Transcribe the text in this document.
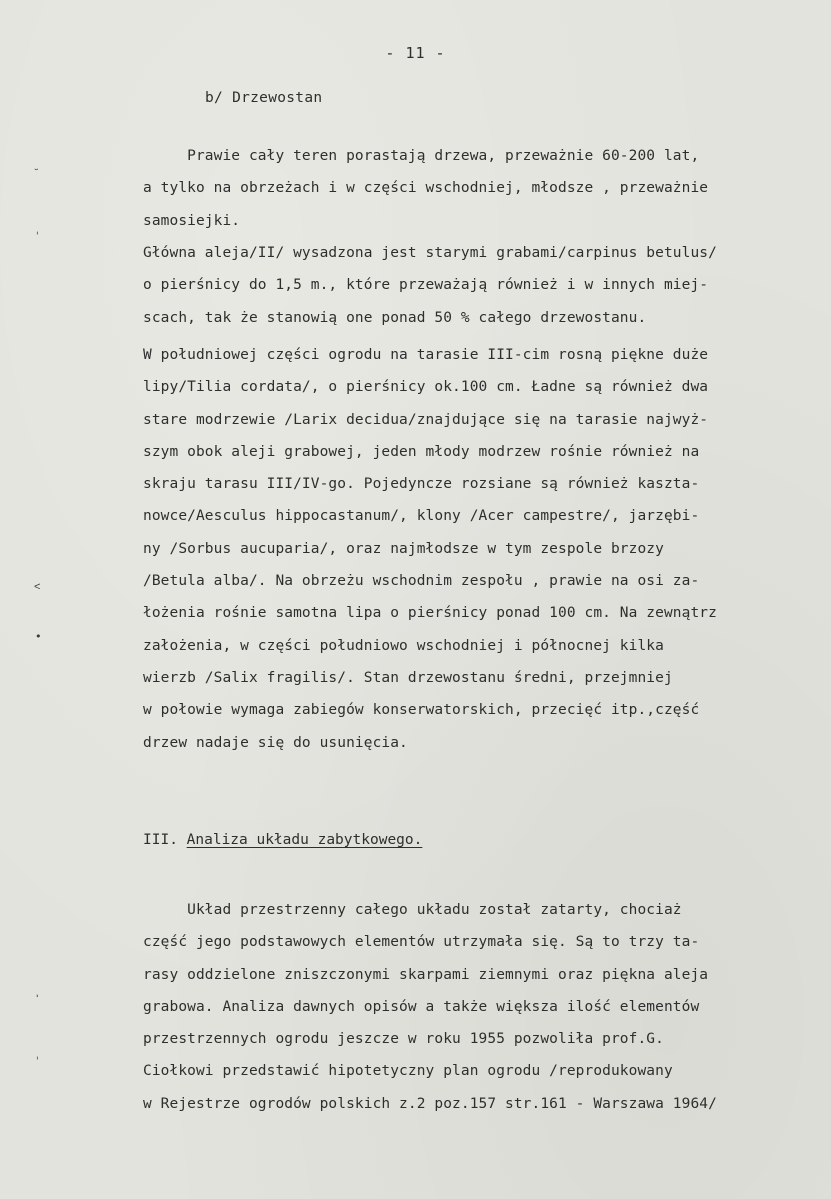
- 11 -
b/ Drzewostan

Prawie cały teren porastają drzewa, przeważnie 60-200 lat,
a tylko na obrzeżach i w części wschodniej, młodsze , przeważnie
samosiejki.

Główna aleja/II/ wysadzona jest starymi grabami/carpinus betulus/
o pierśnicy do 1,5 m., które przeważają również i w innych miej-
scach, tak że stanowią one ponad 50 % całego drzewostanu.

W południowej części ogrodu na tarasie III-cim rosną piękne duże
lipy/Tilia cordata/, o pierśnicy ok.100 cm. Ładne są również dwa
stare modrzewie /Larix decidua/znajdujące się na tarasie najwyż-
szym obok aleji grabowej, jeden młody modrzew rośnie również na
skraju tarasu III/IV-go. Pojedyncze rozsiane są również kaszta-
nowce/Aesculus hippocastanum/, klony /Acer campestre/, jarzębi-
ny /Sorbus aucuparia/, oraz najmłodsze w tym zespole brzozy
/Betula alba/. Na obrzeżu wschodnim zespołu , prawie na osi za-
łożenia rośnie samotna lipa o pierśnicy ponad 100 cm. Na zewnątrz
założenia, w części południowo wschodniej i północnej kilka
wierzb /Salix fragilis/. Stan drzewostanu średni, przejmniej
w połowie wymaga zabiegów konserwatorskich, przecięć itp.,część
drzew nadaje się do usunięcia.

III. Analiza układu zabytkowego.

Układ przestrzenny całego układu został zatarty, chociaż
część jego podstawowych elementów utrzymała się. Są to trzy ta-
rasy oddzielone zniszczonymi skarpami ziemnymi oraz piękna aleja
grabowa. Analiza dawnych opisów a także większa ilość elementów
przestrzennych ogrodu jeszcze w roku 1955 pozwoliła prof.G.
Ciołkowi przedstawić hipotetyczny plan ogrodu /reprodukowany
w Rejestrze ogrodów polskich z.2 poz.157 str.161 - Warszawa 1964/

˘
ˌ
˂
•
˒
ˌ
